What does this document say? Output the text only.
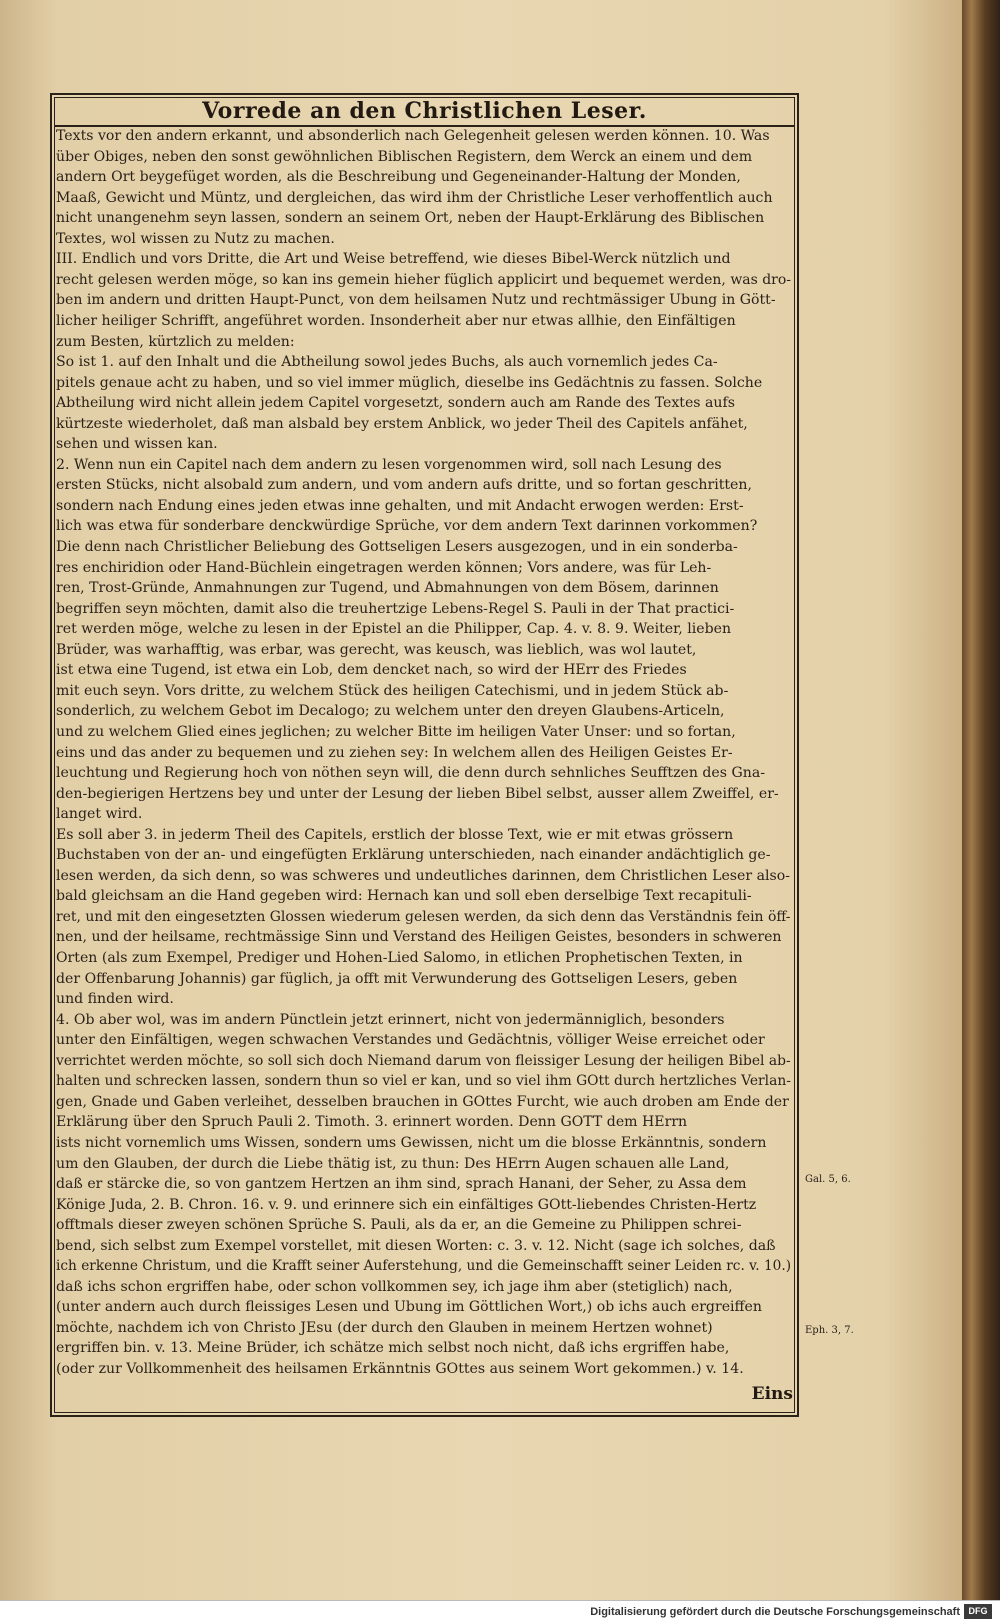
Vorrede an den Christlichen Leser.
Texts vor den andern erkannt, und absonderlich nach Gelegenheit gelesen werden können. 10. Was
über Obiges, neben den sonst gewöhnlichen Biblischen Registern, dem Werck an einem und dem
andern Ort beygefüget worden, als die Beschreibung und Gegeneinander-Haltung der Monden,
Maaß, Gewicht und Müntz, und dergleichen, das wird ihm der Christliche Leser verhoffentlich auch
nicht unangenehm seyn lassen, sondern an seinem Ort, neben der Haupt-Erklärung des Biblischen
Textes, wol wissen zu Nutz zu machen.
III. Endlich und vors Dritte, die Art und Weise betreffend, wie dieses Bibel-Werck nützlich und
recht gelesen werden möge, so kan ins gemein hieher füglich applicirt und bequemet werden, was dro-
ben im andern und dritten Haupt-Punct, von dem heilsamen Nutz und rechtmässiger Ubung in Gött-
licher heiliger Schrifft, angeführet worden. Insonderheit aber nur etwas allhie, den Einfältigen
zum Besten, kürtzlich zu melden:
So ist 1. auf den Inhalt und die Abtheilung sowol jedes Buchs, als auch vornemlich jedes Ca-
pitels genaue acht zu haben, und so viel immer müglich, dieselbe ins Gedächtnis zu fassen. Solche
Abtheilung wird nicht allein jedem Capitel vorgesetzt, sondern auch am Rande des Textes aufs
kürtzeste wiederholet, daß man alsbald bey erstem Anblick, wo jeder Theil des Capitels anfähet,
sehen und wissen kan.
2. Wenn nun ein Capitel nach dem andern zu lesen vorgenommen wird, soll nach Lesung des
ersten Stücks, nicht alsobald zum andern, und vom andern aufs dritte, und so fortan geschritten,
sondern nach Endung eines jeden etwas inne gehalten, und mit Andacht erwogen werden: Erst-
lich was etwa für sonderbare denckwürdige Sprüche, vor dem andern Text darinnen vorkommen?
Die denn nach Christlicher Beliebung des Gottseligen Lesers ausgezogen, und in ein sonderba-
res enchiridion oder Hand-Büchlein eingetragen werden können; Vors andere, was für Leh-
ren, Trost-Gründe, Anmahnungen zur Tugend, und Abmahnungen von dem Bösem, darinnen
begriffen seyn möchten, damit also die treuhertzige Lebens-Regel S. Pauli in der That practici-
ret werden möge, welche zu lesen in der Epistel an die Philipper, Cap. 4. v. 8. 9. Weiter, lieben
Brüder, was warhafftig, was erbar, was gerecht, was keusch, was lieblich, was wol lautet,
ist etwa eine Tugend, ist etwa ein Lob, dem dencket nach, so wird der HErr des Friedes
mit euch seyn. Vors dritte, zu welchem Stück des heiligen Catechismi, und in jedem Stück ab-
sonderlich, zu welchem Gebot im Decalogo; zu welchem unter den dreyen Glaubens-Articeln,
und zu welchem Glied eines jeglichen; zu welcher Bitte im heiligen Vater Unser: und so fortan,
eins und das ander zu bequemen und zu ziehen sey: In welchem allen des Heiligen Geistes Er-
leuchtung und Regierung hoch von nöthen seyn will, die denn durch sehnliches Seufftzen des Gna-
den-begierigen Hertzens bey und unter der Lesung der lieben Bibel selbst, ausser allem Zweiffel, er-
langet wird.
Es soll aber 3. in jederm Theil des Capitels, erstlich der blosse Text, wie er mit etwas grössern
Buchstaben von der an- und eingefügten Erklärung unterschieden, nach einander andächtiglich ge-
lesen werden, da sich denn, so was schweres und undeutliches darinnen, dem Christlichen Leser also-
bald gleichsam an die Hand gegeben wird: Hernach kan und soll eben derselbige Text recapituli-
ret, und mit den eingesetzten Glossen wiederum gelesen werden, da sich denn das Verständnis fein öff-
nen, und der heilsame, rechtmässige Sinn und Verstand des Heiligen Geistes, besonders in schweren
Orten (als zum Exempel, Prediger und Hohen-Lied Salomo, in etlichen Prophetischen Texten, in
der Offenbarung Johannis) gar füglich, ja offt mit Verwunderung des Gottseligen Lesers, geben
und finden wird.
4. Ob aber wol, was im andern Pünctlein jetzt erinnert, nicht von jedermänniglich, besonders
unter den Einfältigen, wegen schwachen Verstandes und Gedächtnis, völliger Weise erreichet oder
verrichtet werden möchte, so soll sich doch Niemand darum von fleissiger Lesung der heiligen Bibel ab-
halten und schrecken lassen, sondern thun so viel er kan, und so viel ihm GOtt durch hertzliches Verlan-
gen, Gnade und Gaben verleihet, desselben brauchen in GOttes Furcht, wie auch droben am Ende der
Erklärung über den Spruch Pauli 2. Timoth. 3. erinnert worden. Denn GOTT dem HErrn
ists nicht vornemlich ums Wissen, sondern ums Gewissen, nicht um die blosse Erkänntnis, sondern
um den Glauben, der durch die Liebe thätig ist, zu thun: Des HErrn Augen schauen alle Land,
daß er stärcke die, so von gantzem Hertzen an ihm sind, sprach Hanani, der Seher, zu Assa dem
Könige Juda, 2. B. Chron. 16. v. 9. und erinnere sich ein einfältiges GOtt-liebendes Christen-Hertz
offtmals dieser zweyen schönen Sprüche S. Pauli, als da er, an die Gemeine zu Philippen schrei-
bend, sich selbst zum Exempel vorstellet, mit diesen Worten: c. 3. v. 12. Nicht (sage ich solches, daß
ich erkenne Christum, und die Krafft seiner Auferstehung, und die Gemeinschafft seiner Leiden rc. v. 10.)
daß ichs schon ergriffen habe, oder schon vollkommen sey, ich jage ihm aber (stetiglich) nach,
(unter andern auch durch fleissiges Lesen und Ubung im Göttlichen Wort,) ob ichs auch ergreiffen
möchte, nachdem ich von Christo JEsu (der durch den Glauben in meinem Hertzen wohnet)
ergriffen bin. v. 13. Meine Brüder, ich schätze mich selbst noch nicht, daß ichs ergriffen habe,
(oder zur Vollkommenheit des heilsamen Erkänntnis GOttes aus seinem Wort gekommen.) v. 14.
Eins
Gal. 5, 6.
Eph. 3, 7.
Digitalisierung gefördert durch die Deutsche Forschungsgemeinschaft DFG
